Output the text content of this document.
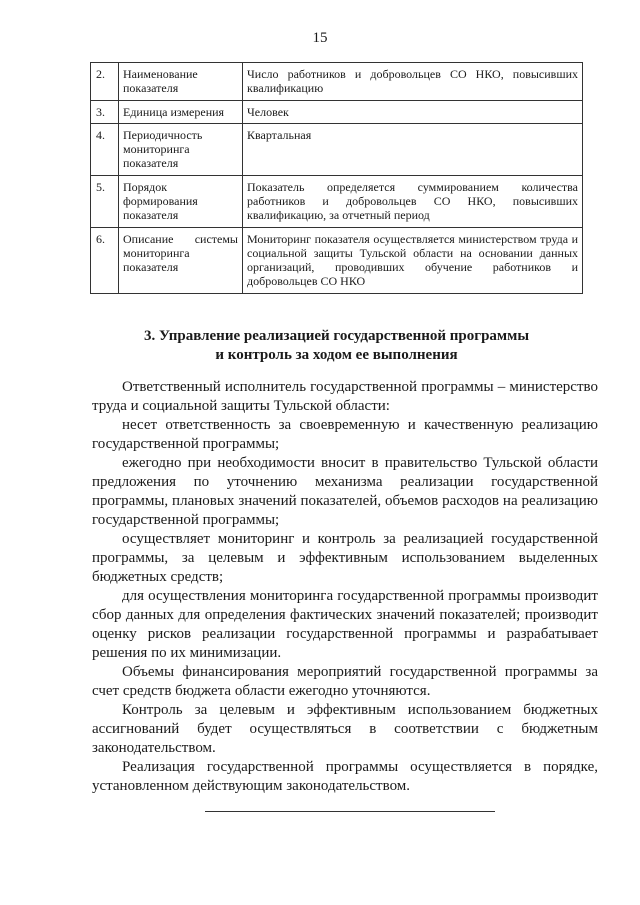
15
2.	Наименование показателя	Число работников и добровольцев СО НКО, повысивших квалификацию
3.	Единица измерения	Человек
4.	Периодичность мониторинга показателя	Квартальная
5.	Порядок формирования показателя	Показатель определяется суммированием количества работников и добровольцев СО НКО, повысивших квалификацию, за отчетный период
6.	Описание системы мониторинга показателя	Мониторинг показателя осуществляется министерством труда и социальной защиты Тульской области на основании данных организаций, проводивших обучение работников и добровольцев СО НКО
3. Управление реализацией государственной программы
и контроль за ходом ее выполнения

Ответственный исполнитель государственной программы – министерство труда и социальной защиты Тульской области:

несет ответственность за своевременную и качественную реализацию государственной программы;

ежегодно при необходимости вносит в правительство Тульской области предложения по уточнению механизма реализации государственной программы, плановых значений показателей, объемов расходов на реализацию государственной программы;

осуществляет мониторинг и контроль за реализацией государственной программы, за целевым и эффективным использованием выделенных бюджетных средств;

для осуществления мониторинга государственной программы производит сбор данных для определения фактических значений показателей; производит оценку рисков реализации государственной программы и разрабатывает решения по их минимизации.

Объемы финансирования мероприятий государственной программы за счет средств бюджета области ежегодно уточняются.

Контроль за целевым и эффективным использованием бюджетных ассигнований будет осуществляться в соответствии с бюджетным законодательством.

Реализация государственной программы осуществляется в порядке, установленном действующим законодательством.
